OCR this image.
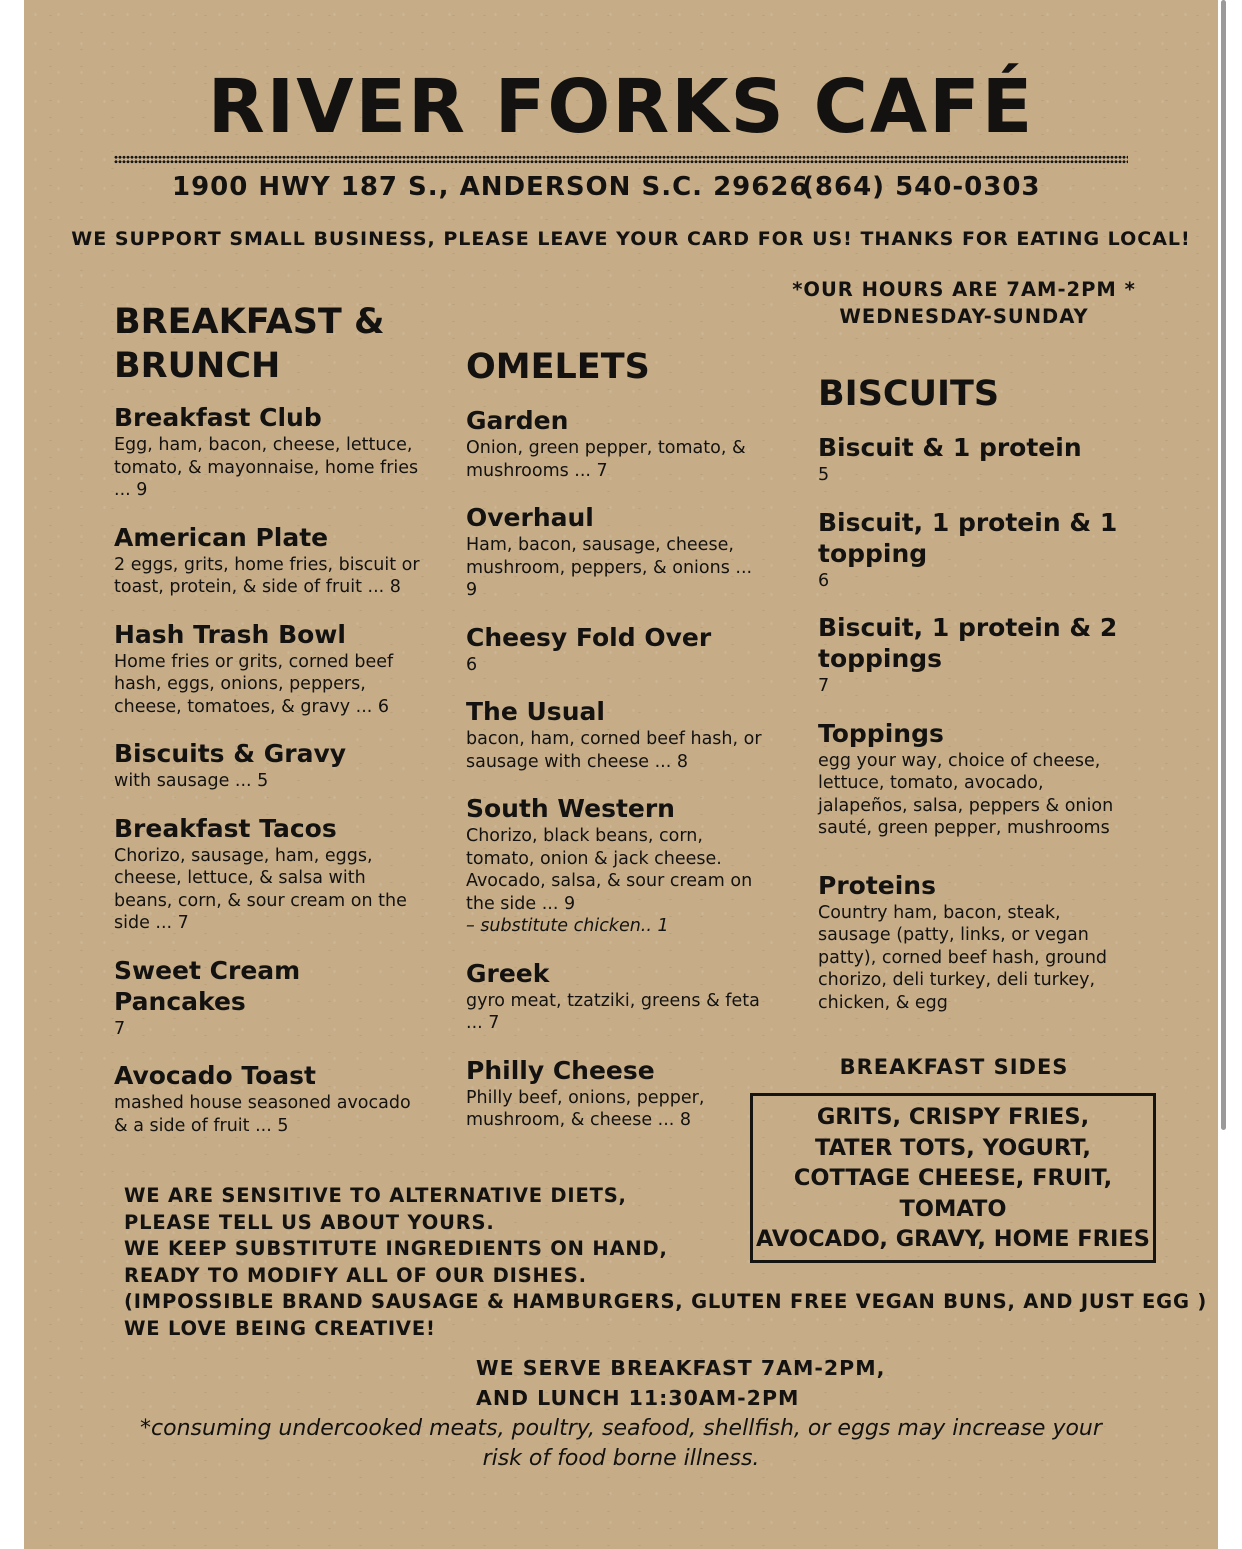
RIVER FORKS CAFÉ
1900 HWY 187 S., ANDERSON S.C. 29626
(864) 540-0303
WE SUPPORT SMALL BUSINESS, PLEASE LEAVE YOUR CARD FOR US! THANKS FOR EATING LOCAL!
*OUR HOURS ARE 7AM-2PM *
WEDNESDAY-SUNDAY
BREAKFAST &
BRUNCH
Breakfast Club
Egg, ham, bacon, cheese, lettuce, tomato, & mayonnaise, home fries ... 9
American Plate
2 eggs, grits, home fries, biscuit or toast, protein, & side of fruit ... 8
Hash Trash Bowl
Home fries or grits, corned beef hash, eggs, onions, peppers, cheese, tomatoes, & gravy ... 6
Biscuits & Gravy
with sausage ... 5
Breakfast Tacos
Chorizo, sausage, ham, eggs, cheese, lettuce, & salsa with beans, corn, & sour cream on the side ... 7
Sweet Cream Pancakes
7
Avocado Toast
mashed house seasoned avocado & a side of fruit ... 5
OMELETS
Garden
Onion, green pepper, tomato, & mushrooms ... 7
Overhaul
Ham, bacon, sausage, cheese, mushroom, peppers, & onions ... 9
Cheesy Fold Over
6
The Usual
bacon, ham, corned beef hash, or sausage with cheese ... 8
South Western
Chorizo, black beans, corn, tomato, onion & jack cheese. Avocado, salsa, & sour cream on the side ... 9
– substitute chicken.. 1
Greek
gyro meat, tzatziki, greens & feta ... 7
Philly Cheese
Philly beef, onions, pepper, mushroom, & cheese ... 8
BISCUITS
Biscuit & 1 protein
5
Biscuit, 1 protein & 1 topping
6
Biscuit, 1 protein & 2 toppings
7
Toppings
egg your way, choice of cheese, lettuce, tomato, avocado, jalapeños, salsa, peppers & onion sauté, green pepper, mushrooms
Proteins
Country ham, bacon, steak, sausage (patty, links, or vegan patty), corned beef hash, ground chorizo, deli turkey, deli turkey, chicken, & egg
BREAKFAST SIDES
GRITS, CRISPY FRIES,
TATER TOTS, YOGURT,
COTTAGE CHEESE, FRUIT,
TOMATO
AVOCADO, GRAVY, HOME FRIES
WE ARE SENSITIVE TO ALTERNATIVE DIETS,
PLEASE TELL US ABOUT YOURS.
WE KEEP SUBSTITUTE INGREDIENTS ON HAND,
READY TO MODIFY ALL OF OUR DISHES.
(IMPOSSIBLE BRAND SAUSAGE & HAMBURGERS, GLUTEN FREE VEGAN BUNS, AND JUST EGG )
WE LOVE BEING CREATIVE!
WE SERVE BREAKFAST 7AM-2PM,
AND LUNCH 11:30AM-2PM
*consuming undercooked meats, poultry, seafood, shellfish, or eggs may increase your
risk of food borne illness.
